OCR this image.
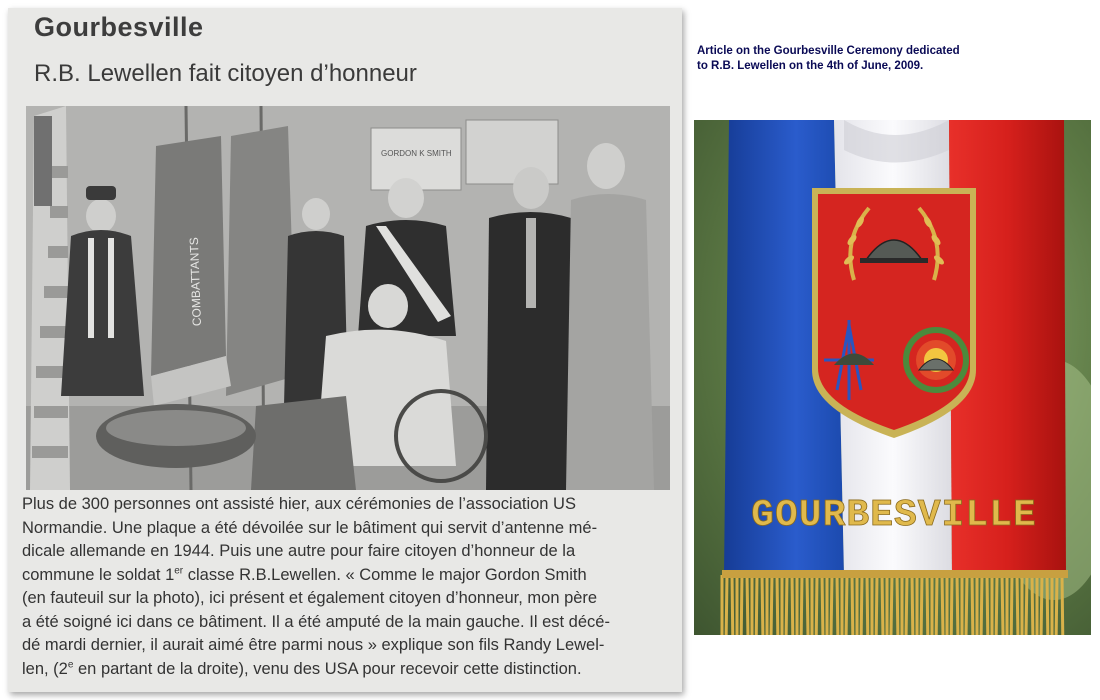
Gourbesville
R.B. Lewellen fait citoyen d’honneur
GORDON K SMITH
COMBATTANTS
Plus de 300 personnes ont assisté hier, aux cérémonies de l’association US
Normandie. Une plaque a été dévoilée sur le bâtiment qui servit d’antenne mé-
dicale allemande en 1944. Puis une autre pour faire citoyen d’honneur de la
commune le soldat 1er classe R.B.Lewellen. « Comme le major Gordon Smith
(en fauteuil sur la photo), ici présent et également citoyen d’honneur, mon père
a été soigné ici dans ce bâtiment. Il a été amputé de la main gauche. Il est décé-
dé mardi dernier, il aurait aimé être parmi nous » explique son fils Randy Lewel-
len, (2e en partant de la droite), venu des USA pour recevoir cette distinction.
Article on the Gourbesville Ceremony dedicated
to R.B. Lewellen on the 4th of June, 2009.
GOURBESVILLE
